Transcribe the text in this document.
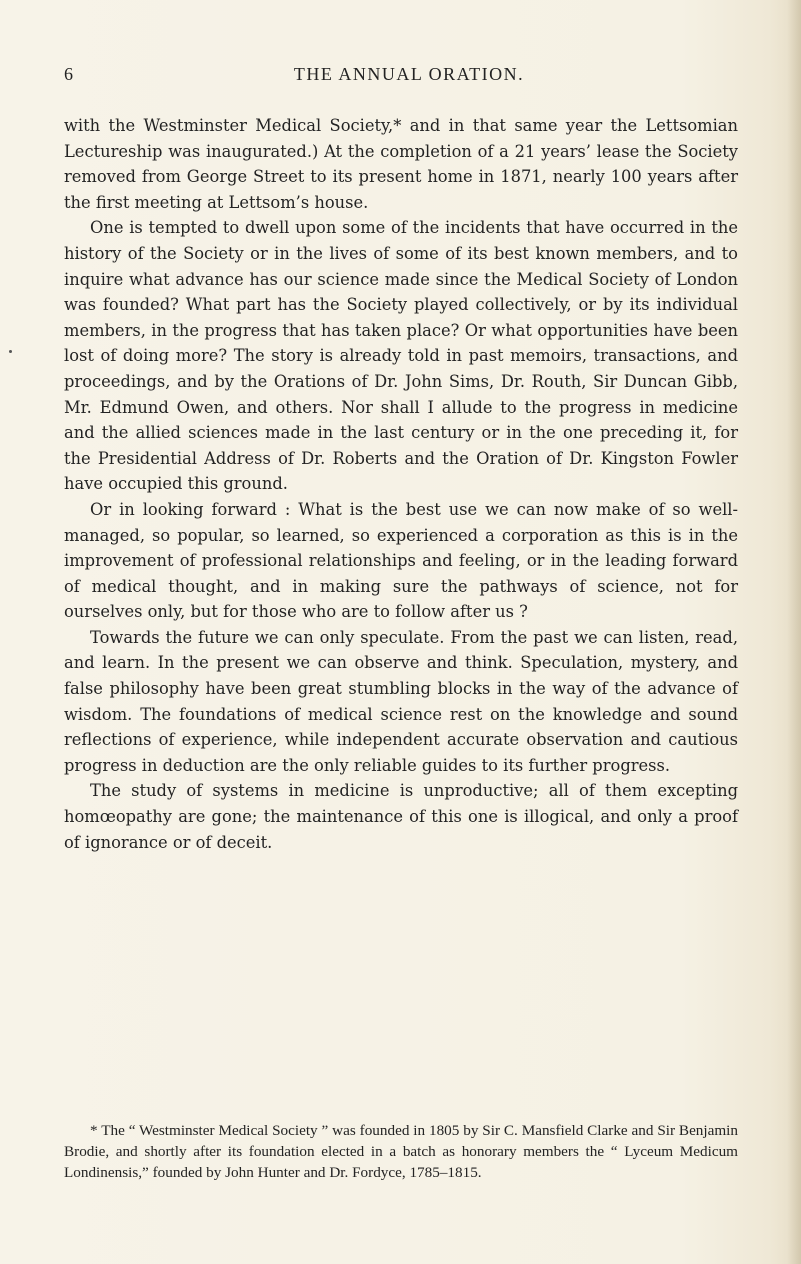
6	THE ANNUAL ORATION.

with the Westminster Medical Society,* and in that same year the Lettsomian Lectureship was inaugurated.) At the completion of a 21 years’ lease the Society removed from George Street to its present home in 1871, nearly 100 years after the first meeting at Lettsom’s house.

One is tempted to dwell upon some of the incidents that have occurred in the history of the Society or in the lives of some of its best known members, and to inquire what advance has our science made since the Medical Society of London was founded? What part has the Society played collectively, or by its individual members, in the progress that has taken place? Or what opportunities have been lost of doing more? The story is already told in past memoirs, transactions, and proceedings, and by the Orations of Dr. John Sims, Dr. Routh, Sir Duncan Gibb, Mr. Edmund Owen, and others. Nor shall I allude to the progress in medicine and the allied sciences made in the last century or in the one preceding it, for the Presidential Address of Dr. Roberts and the Oration of Dr. Kingston Fowler have occupied this ground.

Or in looking forward : What is the best use we can now make of so well-managed, so popular, so learned, so experienced a corporation as this is in the improvement of professional relationships and feeling, or in the leading forward of medical thought, and in making sure the pathways of science, not for ourselves only, but for those who are to follow after us ?

Towards the future we can only speculate. From the past we can listen, read, and learn. In the present we can observe and think. Speculation, mystery, and false philosophy have been great stumbling blocks in the way of the advance of wisdom. The foundations of medical science rest on the knowledge and sound reflections of experience, while independent accurate observation and cautious progress in deduction are the only reliable guides to its further progress.

The study of systems in medicine is unproductive; all of them excepting homœopathy are gone; the maintenance of this one is illogical, and only a proof of ignorance or of deceit.

* The “ Westminster Medical Society ” was founded in 1805 by Sir C. Mansfield Clarke and Sir Benjamin Brodie, and shortly after its foundation elected in a batch as honorary members the “ Lyceum Medicum Londinensis,” founded by John Hunter and Dr. Fordyce, 1785–1815.
